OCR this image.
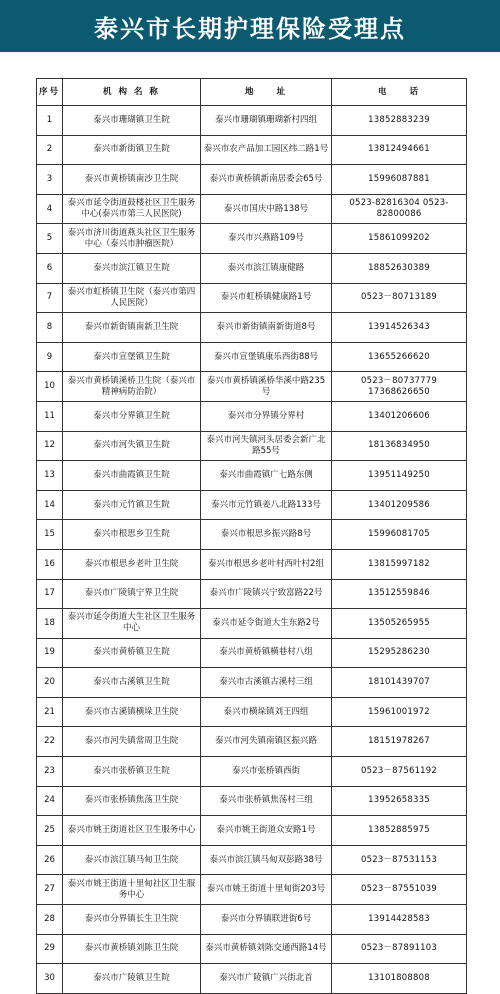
泰兴市长期护理保险受理点
序号	机 构 名 称	地　　址	电　　话
1	泰兴市珊瑚镇卫生院	泰兴市珊瑚镇珊瑚新村四组	13852883239
2	泰兴市新街镇卫生院	泰兴市农产品加工园区纬二路1号	13812494661
3	泰兴市黄桥镇南沙卫生院	泰兴市黄桥镇新南居委会65号	15996087881
4	泰兴市延令街道鼓楼社区卫生服务中心(泰兴市第三人民医院)	泰兴市国庆中路138号	0523-82816304 0523-82800086
5	泰兴市济川街道燕头社区卫生服务中心（泰兴市肿瘤医院）	泰兴市兴燕路109号	15861099202
6	泰兴市滨江镇卫生院	泰兴市滨江镇康健路	18852630389
7	泰兴市虹桥镇卫生院（泰兴市第四人民医院）	泰兴市虹桥镇健康路1号	0523－80713189
8	泰兴市新街镇南新卫生院	泰兴市新街镇南新街道8号	13914526343
9	泰兴市宣堡镇卫生院	泰兴市宣堡镇康乐西街88号	13655266620
10	泰兴市黄桥镇溪桥卫生院（泰兴市精神病防治院）	泰兴市黄桥镇溪桥华溪中路235号	0523－80737779 17368626650
11	泰兴市分界镇卫生院	泰兴市分界镇分界村	13401206606
12	泰兴市河失镇卫生院	泰兴市河失镇河头居委会新广北路55号	18136834950
13	泰兴市曲霞镇卫生院	泰兴市曲霞镇广七路东侧	13951149250
14	泰兴市元竹镇卫生院	泰兴市元竹镇姜八北路133号	13401209586
15	泰兴市根思乡卫生院	泰兴市根思乡振兴路8号	15996081705
16	泰兴市根思乡老叶卫生院	泰兴市根思乡老叶村西叶村2组	13815997182
17	泰兴市广陵镇宁界卫生院	泰兴市广陵镇兴宁致富路22号	13512559846
18	泰兴市延令街道大生社区卫生服务中心	泰兴市延令街道大生东路2号	13505265955
19	泰兴市黄桥镇卫生院	泰兴市黄桥镇横巷村八组	15295286230
20	泰兴市古溪镇卫生院	泰兴市古溪镇古溪村三组	18101439707
21	泰兴市古溪镇横垛卫生院	泰兴市横垛镇刘王四组	15961001972
22	泰兴市河失镇常周卫生院	泰兴市河失镇南镇区振兴路	18151978267
23	泰兴市张桥镇卫生院	泰兴市张桥镇西街	0523－87561192
24	泰兴市张桥镇焦荡卫生院	泰兴市张桥镇焦荡村三组	13952658335
25	泰兴市姚王街道社区卫生服务中心	泰兴市姚王街道众安路1号	13852885975
26	泰兴市滨江镇马甸卫生院	泰兴市滨江镇马甸双彭路38号	0523－87531153
27	泰兴市姚王街道十里甸社区卫生服务中心	泰兴市姚王街道十里甸街203号	0523－87551039
28	泰兴市分界镇长生卫生院	泰兴市分界镇联进街6号	13914428583
29	泰兴市黄桥镇刘陈卫生院	泰兴市黄桥镇刘陈交通西路14号	0523－87891103
30	泰兴市广陵镇卫生院	泰兴市广陵镇广兴街北首	13101808808
